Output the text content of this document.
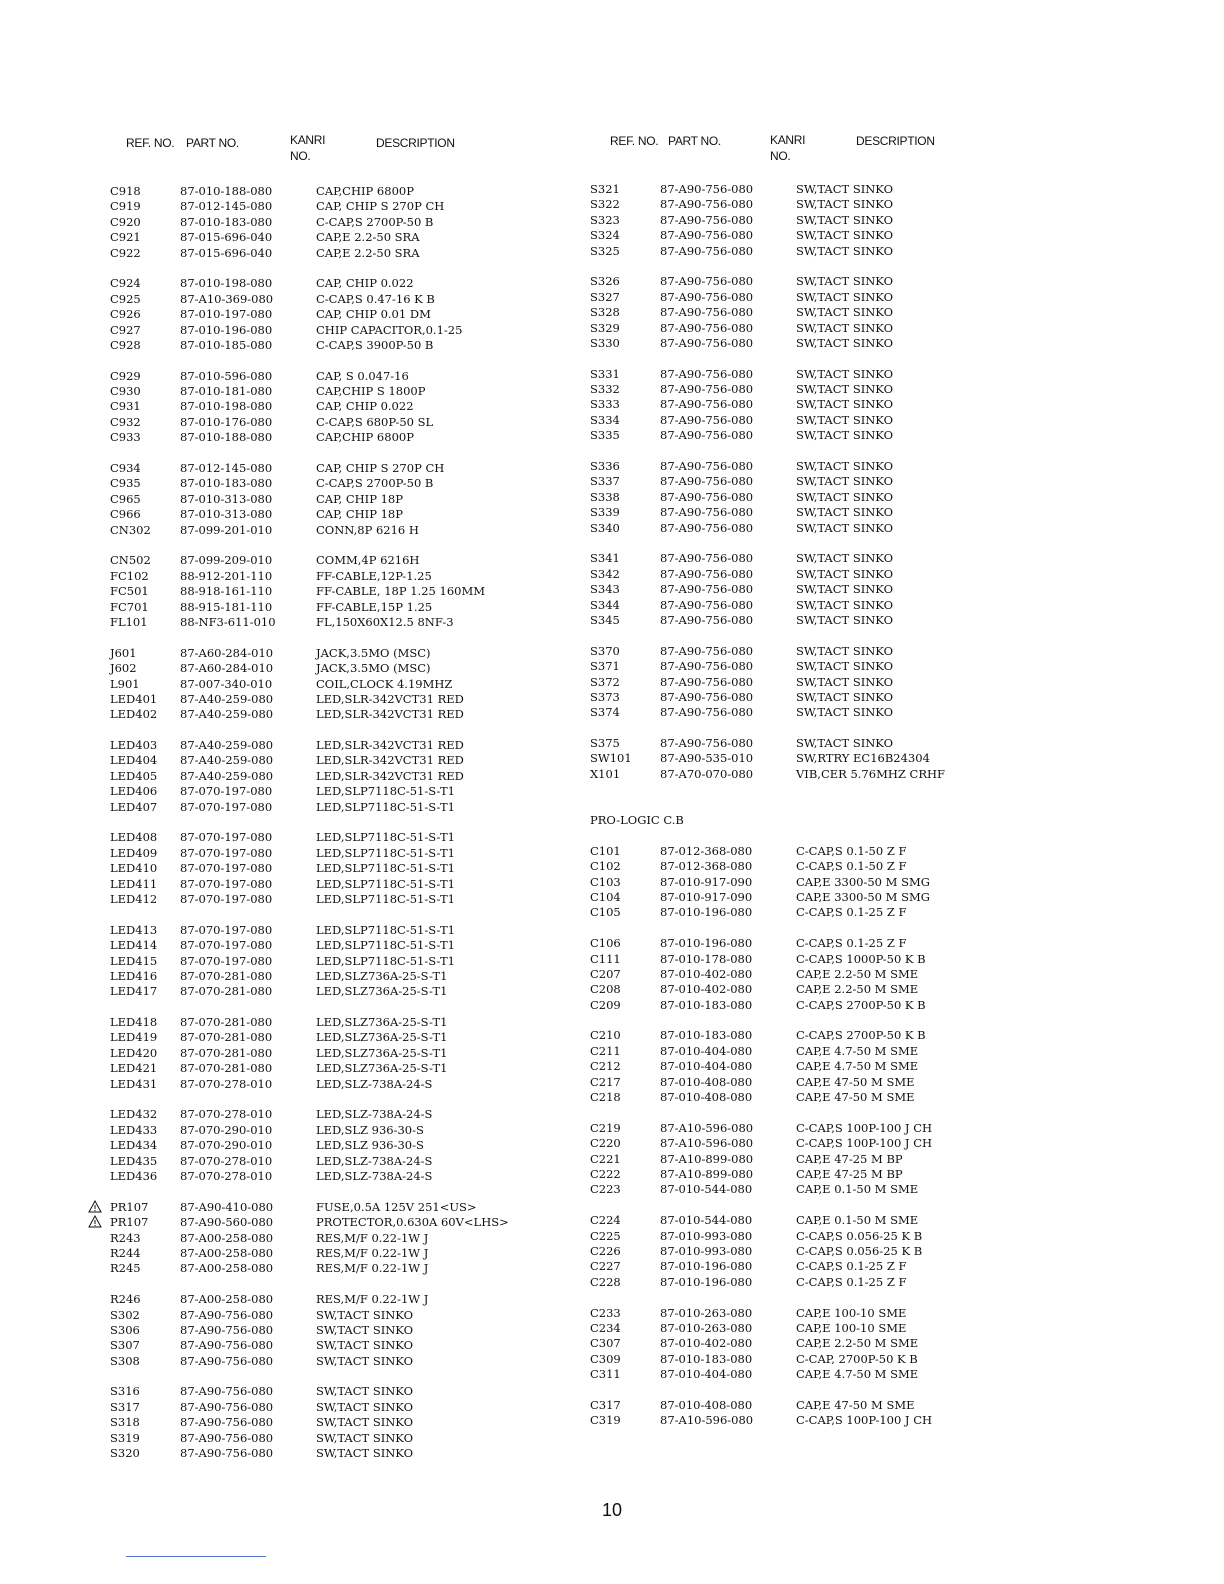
REF. NO. PART NO.	KANRI
NO.
DESCRIPTION
C918	87-010-188-080	CAP,CHIP 6800P
C919	87-012-145-080	CAP, CHIP S 270P CH
C920	87-010-183-080	C-CAP,S 2700P-50 B
C921	87-015-696-040	CAP,E 2.2-50 SRA
C922	87-015-696-040	CAP,E 2.2-50 SRA
C924	87-010-198-080	CAP, CHIP 0.022
C925	87-A10-369-080	C-CAP,S 0.47-16 K B
C926	87-010-197-080	CAP, CHIP 0.01 DM
C927	87-010-196-080	CHIP CAPACITOR,0.1-25
C928	87-010-185-080	C-CAP,S 3900P-50 B
C929	87-010-596-080	CAP, S 0.047-16
C930	87-010-181-080	CAP,CHIP S 1800P
C931	87-010-198-080	CAP, CHIP 0.022
C932	87-010-176-080	C-CAP,S 680P-50 SL
C933	87-010-188-080	CAP,CHIP 6800P
C934	87-012-145-080	CAP, CHIP S 270P CH
C935	87-010-183-080	C-CAP,S 2700P-50 B
C965	87-010-313-080	CAP, CHIP 18P
C966	87-010-313-080	CAP, CHIP 18P
CN302	87-099-201-010	CONN,8P 6216 H
CN502	87-099-209-010	COMM,4P 6216H
FC102	88-912-201-110	FF-CABLE,12P-1.25
FC501	88-918-161-110	FF-CABLE, 18P 1.25 160MM
FC701	88-915-181-110	FF-CABLE,15P 1.25
FL101	88-NF3-611-010	FL,150X60X12.5 8NF-3
J601	87-A60-284-010	JACK,3.5MO (MSC)
J602	87-A60-284-010	JACK,3.5MO (MSC)
L901	87-007-340-010	COIL,CLOCK 4.19MHZ
LED401 87-A40-259-080	LED,SLR-342VCT31 RED
LED402 87-A40-259-080	LED,SLR-342VCT31 RED
LED403 87-A40-259-080	LED,SLR-342VCT31 RED
LED404 87-A40-259-080	LED,SLR-342VCT31 RED
LED405 87-A40-259-080	LED,SLR-342VCT31 RED
LED406 87-070-197-080	LED,SLP7118C-51-S-T1
LED407 87-070-197-080	LED,SLP7118C-51-S-T1
LED408 87-070-197-080	LED,SLP7118C-51-S-T1
LED409 87-070-197-080	LED,SLP7118C-51-S-T1
LED410 87-070-197-080	LED,SLP7118C-51-S-T1
LED411 87-070-197-080	LED,SLP7118C-51-S-T1
LED412 87-070-197-080	LED,SLP7118C-51-S-T1
LED413 87-070-197-080	LED,SLP7118C-51-S-T1
LED414 87-070-197-080	LED,SLP7118C-51-S-T1
LED415 87-070-197-080	LED,SLP7118C-51-S-T1
LED416 87-070-281-080	LED,SLZ736A-25-S-T1
LED417 87-070-281-080	LED,SLZ736A-25-S-T1
LED418 87-070-281-080	LED,SLZ736A-25-S-T1
LED419 87-070-281-080	LED,SLZ736A-25-S-T1
LED420 87-070-281-080	LED,SLZ736A-25-S-T1
LED421 87-070-281-080	LED,SLZ736A-25-S-T1
LED431 87-070-278-010	LED,SLZ-738A-24-S
LED432 87-070-278-010	LED,SLZ-738A-24-S
LED433 87-070-290-010	LED,SLZ 936-30-S
LED434 87-070-290-010	LED,SLZ 936-30-S
LED435 87-070-278-010	LED,SLZ-738A-24-S
LED436 87-070-278-010	LED,SLZ-738A-24-S
PR107	87-A90-410-080	FUSE,0.5A 125V 251<US>
PR107	87-A90-560-080	PROTECTOR,0.630A 60V<LHS>
R243	87-A00-258-080	RES,M/F 0.22-1W J
R244	87-A00-258-080	RES,M/F 0.22-1W J
R245	87-A00-258-080	RES,M/F 0.22-1W J
R246	87-A00-258-080	RES,M/F 0.22-1W J
S302	87-A90-756-080	SW,TACT SINKO
S306	87-A90-756-080	SW,TACT SINKO
S307	87-A90-756-080	SW,TACT SINKO
S308	87-A90-756-080	SW,TACT SINKO
S316	87-A90-756-080	SW,TACT SINKO
S317	87-A90-756-080	SW,TACT SINKO
S318	87-A90-756-080	SW,TACT SINKO
S319	87-A90-756-080	SW,TACT SINKO
S320	87-A90-756-080	SW,TACT SINKO
REF. NO. PART NO.	KANRI
NO.
DESCRIPTION
S321	87-A90-756-080	SW,TACT SINKO
S322	87-A90-756-080	SW,TACT SINKO
S323	87-A90-756-080	SW,TACT SINKO
S324	87-A90-756-080	SW,TACT SINKO
S325	87-A90-756-080	SW,TACT SINKO
S326	87-A90-756-080	SW,TACT SINKO
S327	87-A90-756-080	SW,TACT SINKO
S328	87-A90-756-080	SW,TACT SINKO
S329	87-A90-756-080	SW,TACT SINKO
S330	87-A90-756-080	SW,TACT SINKO
S331	87-A90-756-080	SW,TACT SINKO
S332	87-A90-756-080	SW,TACT SINKO
S333	87-A90-756-080	SW,TACT SINKO
S334	87-A90-756-080	SW,TACT SINKO
S335	87-A90-756-080	SW,TACT SINKO
S336	87-A90-756-080	SW,TACT SINKO
S337	87-A90-756-080	SW,TACT SINKO
S338	87-A90-756-080	SW,TACT SINKO
S339	87-A90-756-080	SW,TACT SINKO
S340	87-A90-756-080	SW,TACT SINKO
S341	87-A90-756-080	SW,TACT SINKO
S342	87-A90-756-080	SW,TACT SINKO
S343	87-A90-756-080	SW,TACT SINKO
S344	87-A90-756-080	SW,TACT SINKO
S345	87-A90-756-080	SW,TACT SINKO
S370	87-A90-756-080	SW,TACT SINKO
S371	87-A90-756-080	SW,TACT SINKO
S372	87-A90-756-080	SW,TACT SINKO
S373	87-A90-756-080	SW,TACT SINKO
S374	87-A90-756-080	SW,TACT SINKO
S375	87-A90-756-080	SW,TACT SINKO
SW101 87-A90-535-010	SW,RTRY EC16B24304
X101	87-A70-070-080	VIB,CER 5.76MHZ CRHF
PRO-LOGIC C.B
C101	87-012-368-080	C-CAP,S 0.1-50 Z F
C102	87-012-368-080	C-CAP,S 0.1-50 Z F
C103	87-010-917-090	CAP,E 3300-50 M SMG
C104	87-010-917-090	CAP,E 3300-50 M SMG
C105	87-010-196-080	C-CAP,S 0.1-25 Z F
C106	87-010-196-080	C-CAP,S 0.1-25 Z F
C111	87-010-178-080	C-CAP,S 1000P-50 K B
C207	87-010-402-080	CAP,E 2.2-50 M SME
C208	87-010-402-080	CAP,E 2.2-50 M SME
C209	87-010-183-080	C-CAP,S 2700P-50 K B
C210	87-010-183-080	C-CAP,S 2700P-50 K B
C211	87-010-404-080	CAP,E 4.7-50 M SME
C212	87-010-404-080	CAP,E 4.7-50 M SME
C217	87-010-408-080	CAP,E 47-50 M SME
C218	87-010-408-080	CAP,E 47-50 M SME
C219	87-A10-596-080	C-CAP,S 100P-100 J CH
C220	87-A10-596-080	C-CAP,S 100P-100 J CH
C221	87-A10-899-080	CAP,E 47-25 M BP
C222	87-A10-899-080	CAP,E 47-25 M BP
C223	87-010-544-080	CAP,E 0.1-50 M SME
C224	87-010-544-080	CAP,E 0.1-50 M SME
C225	87-010-993-080	C-CAP,S 0.056-25 K B
C226	87-010-993-080	C-CAP,S 0.056-25 K B
C227	87-010-196-080	C-CAP,S 0.1-25 Z F
C228	87-010-196-080	C-CAP,S 0.1-25 Z F
C233	87-010-263-080	CAP,E 100-10 SME
C234	87-010-263-080	CAP,E 100-10 SME
C307	87-010-402-080	CAP,E 2.2-50 M SME
C309	87-010-183-080	C-CAP, 2700P-50 K B
C311	87-010-404-080	CAP,E 4.7-50 M SME
C317	87-010-408-080	CAP,E 47-50 M SME
C319	87-A10-596-080	C-CAP,S 100P-100 J CH
10
